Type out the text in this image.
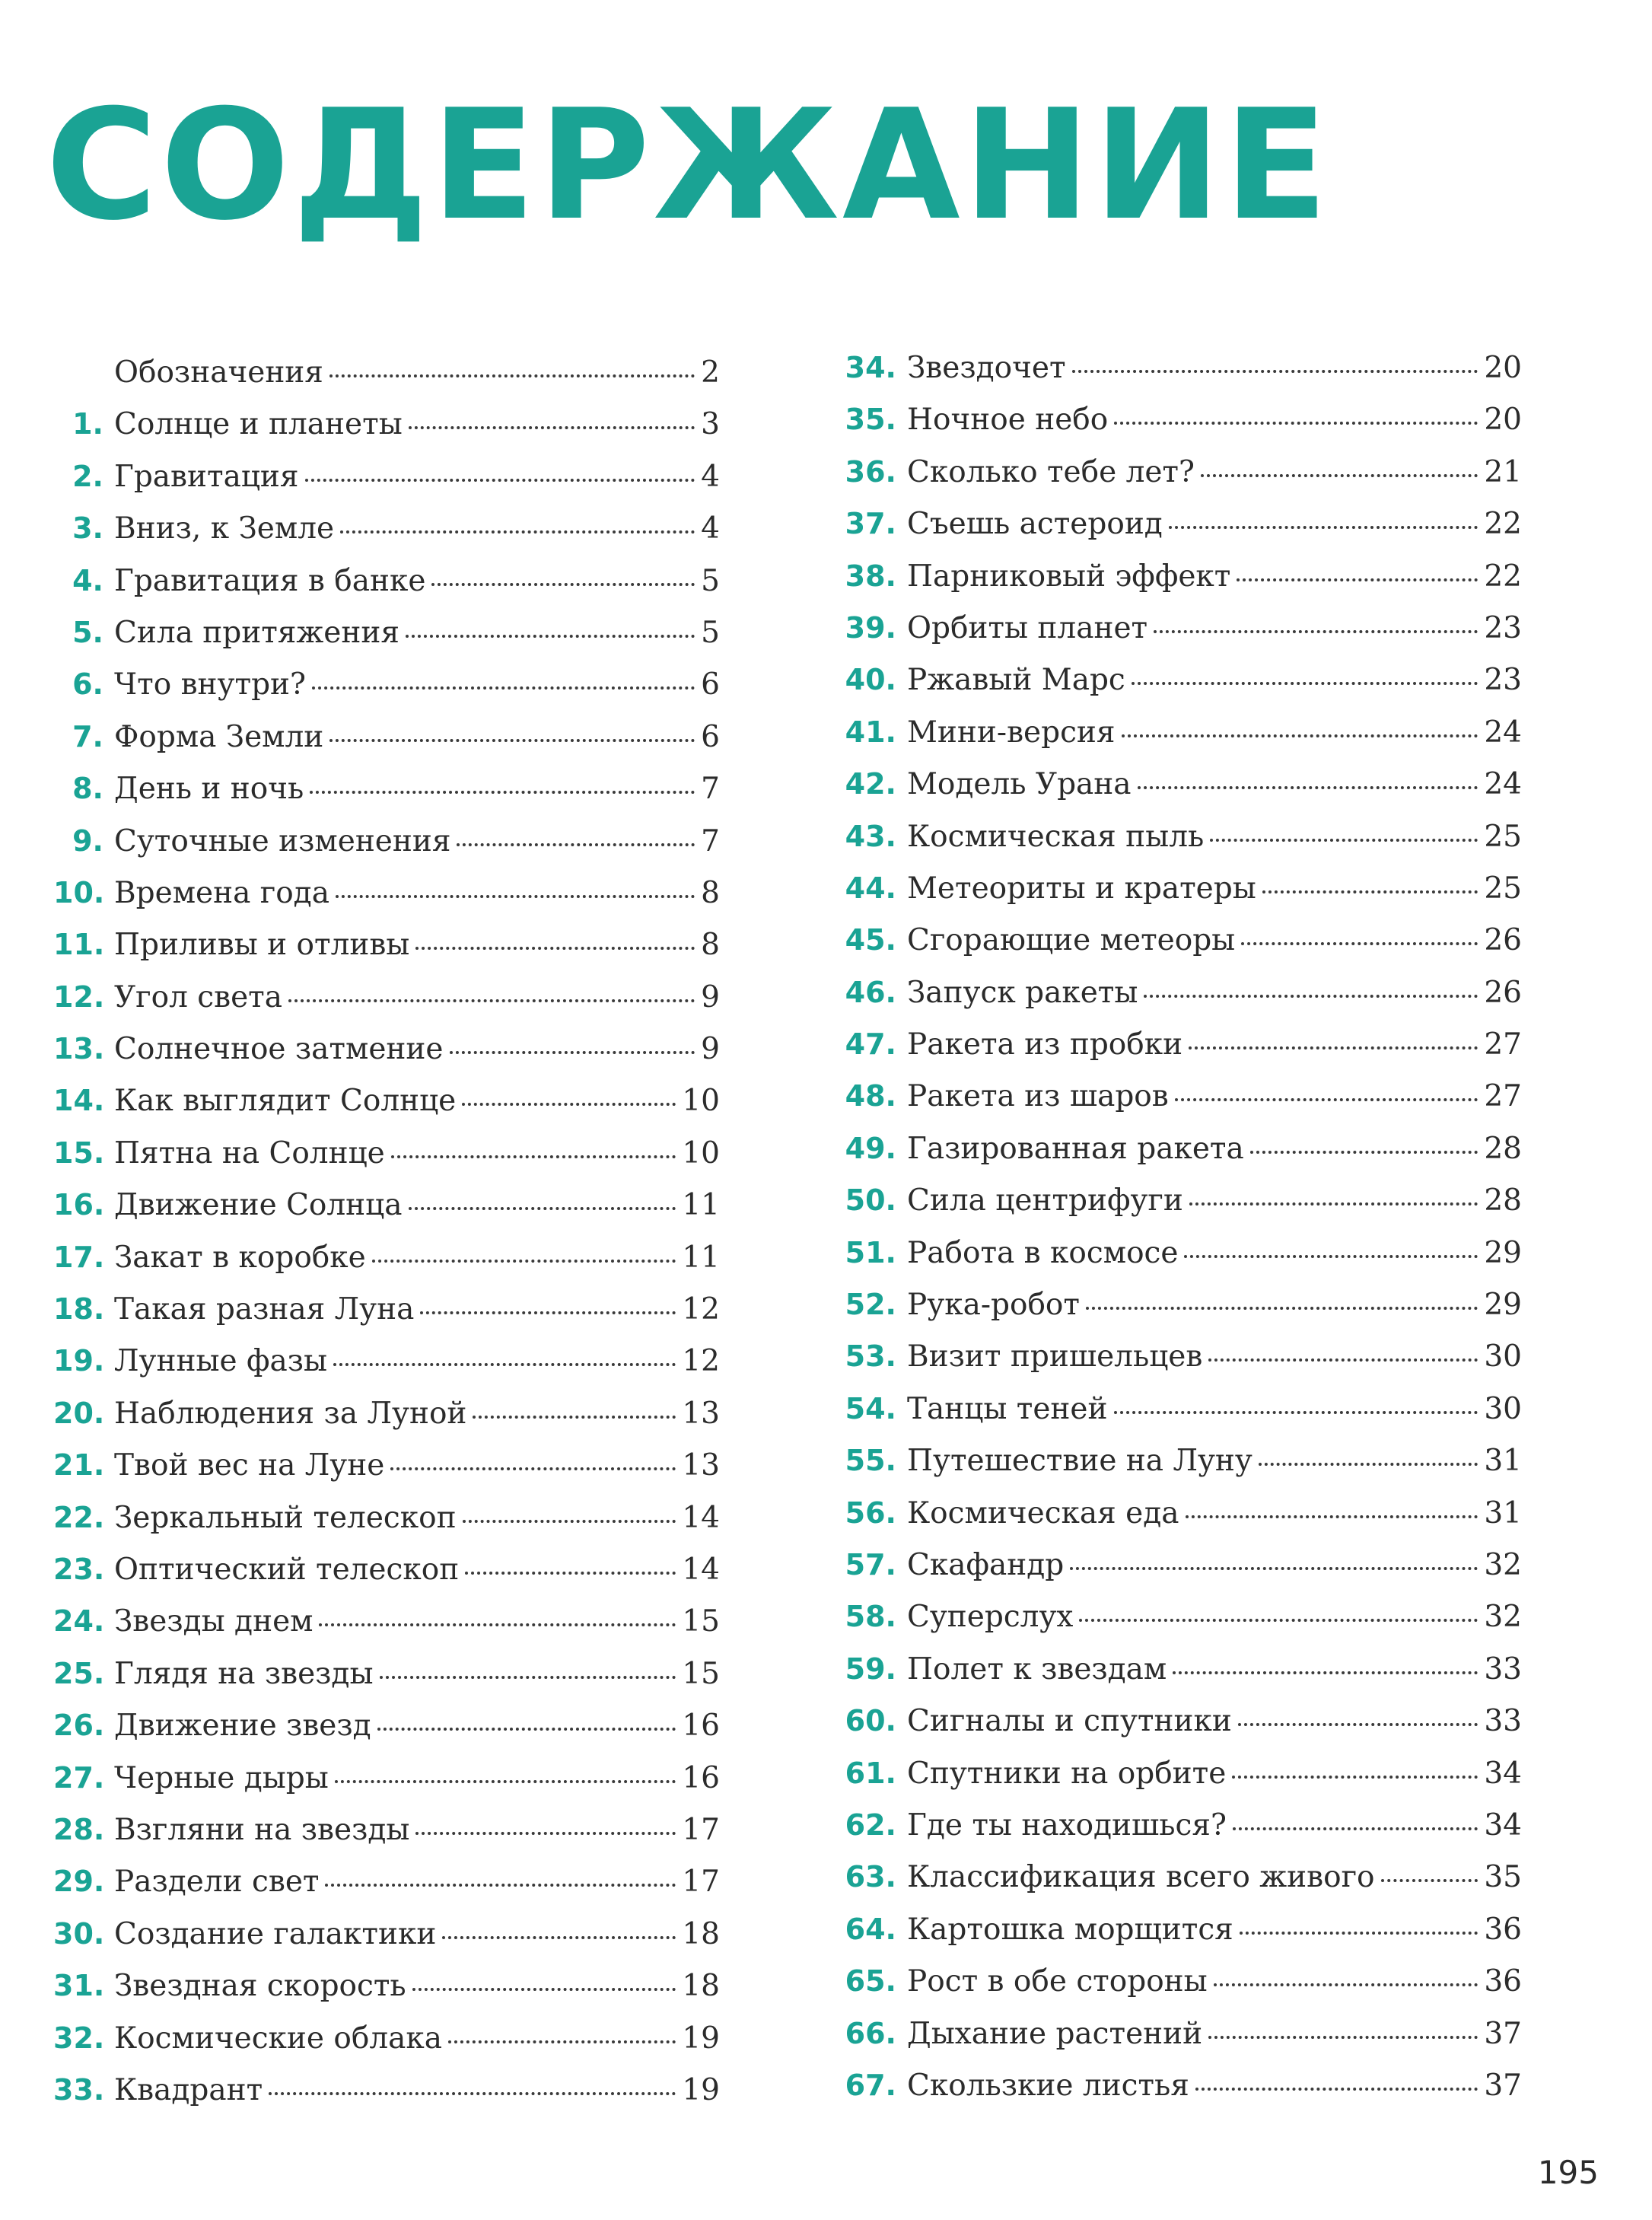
СОДЕРЖАНИЕ
Обозначения	2
1. Солнце и планеты	3
2. Гравитация	4
3. Вниз, к Земле	4
4. Гравитация в банке	5
5. Сила притяжения	5
6. Что внутри?	6
7. Форма Земли	6
8. День и ночь	7
9. Суточные изменения	7
10. Времена года	8
11. Приливы и отливы	8
12. Угол света	9
13. Солнечное затмение	9
14. Как выглядит Солнце	10
15. Пятна на Солнце	10
16. Движение Солнца	11
17. Закат в коробке	11
18. Такая разная Луна	12
19. Лунные фазы	12
20. Наблюдения за Луной	13
21. Твой вес на Луне	13
22. Зеркальный телескоп	14
23. Оптический телескоп	14
24. Звезды днем	15
25. Глядя на звезды	15
26. Движение звезд	16
27. Черные дыры	16
28. Взгляни на звезды	17
29. Раздели свет	17
30. Создание галактики	18
31. Звездная скорость	18
32. Космические облака	19
33. Квадрант	19
34. Звездочет	20
35. Ночное небо	20
36. Сколько тебе лет?	21
37. Съешь астероид	22
38. Парниковый эффект	22
39. Орбиты планет	23
40. Ржавый Марс	23
41. Мини-версия	24
42. Модель Урана	24
43. Космическая пыль	25
44. Метеориты и кратеры	25
45. Сгорающие метеоры	26
46. Запуск ракеты	26
47. Ракета из пробки	27
48. Ракета из шаров	27
49. Газированная ракета	28
50. Сила центрифуги	28
51. Работа в космосе	29
52. Рука-робот	29
53. Визит пришельцев	30
54. Танцы теней	30
55. Путешествие на Луну	31
56. Космическая еда	31
57. Скафандр	32
58. Суперслух	32
59. Полет к звездам	33
60. Сигналы и спутники	33
61. Спутники на орбите	34
62. Где ты находишься?	34
63. Классификация всего живого	35
64. Картошка морщится	36
65. Рост в обе стороны	36
66. Дыхание растений	37
67. Скользкие листья	37
195
